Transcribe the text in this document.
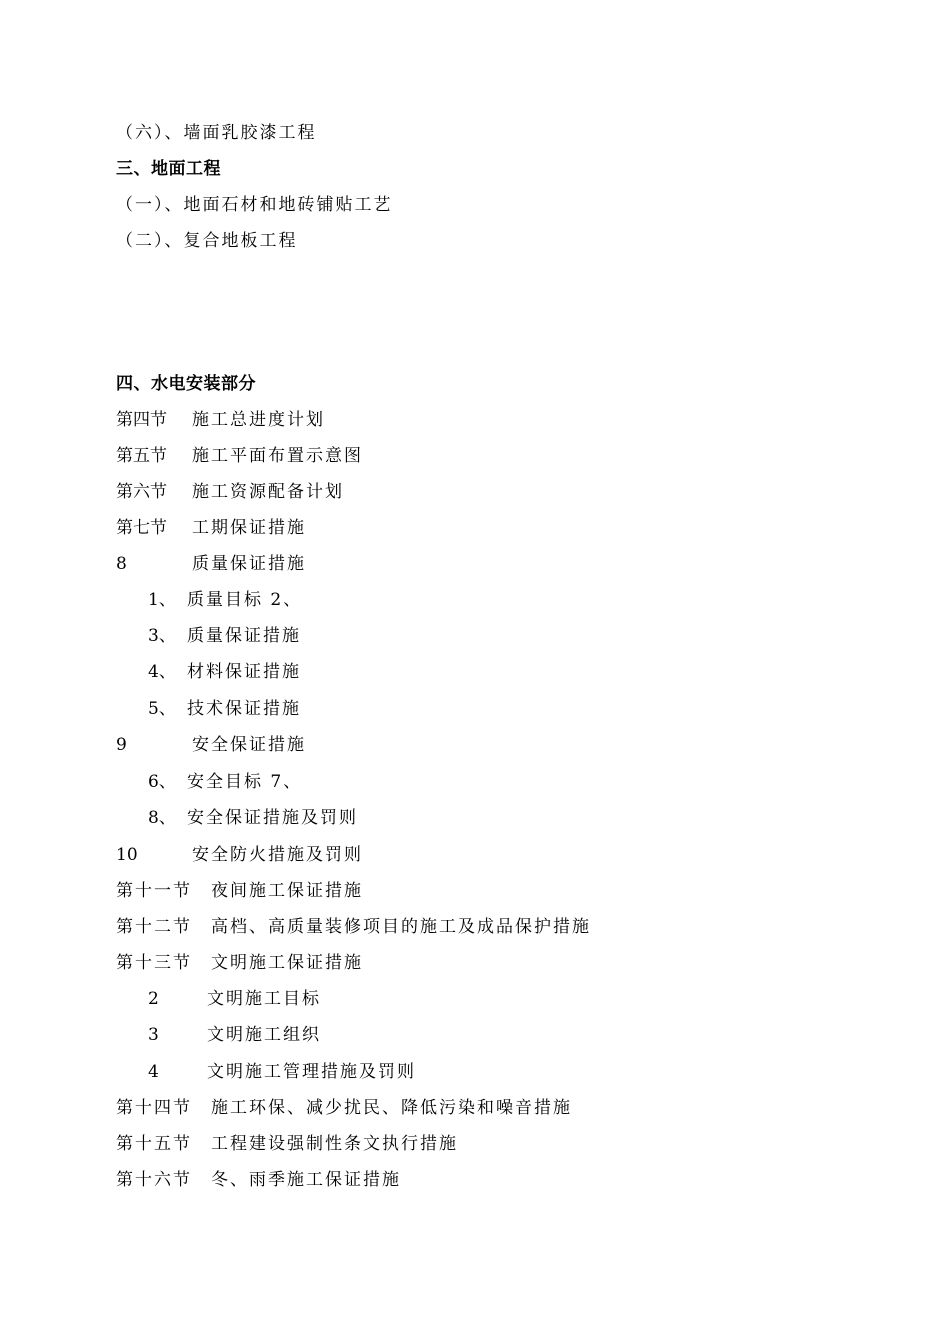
（六）、墙面乳胶漆工程
三、地面工程
（一）、地面石材和地砖铺贴工艺
（二）、复合地板工程
四、水电安装部分
第四节 施工总进度计划
第五节 施工平面布置示意图
第六节 施工资源配备计划
第七节 工期保证措施
8	质量保证措施
1、 质量目标 2、
3、 质量保证措施
4、 材料保证措施
5、 技术保证措施
9	安全保证措施
6、 安全目标 7、
8、 安全保证措施及罚则
10	安全防火措施及罚则
第十一节 夜间施工保证措施
第十二节 高档、高质量装修项目的施工及成品保护措施
第十三节 文明施工保证措施
2	文明施工目标
3	文明施工组织
4	文明施工管理措施及罚则
第十四节 施工环保、减少扰民、降低污染和噪音措施
第十五节 工程建设强制性条文执行措施
第十六节 冬、雨季施工保证措施
